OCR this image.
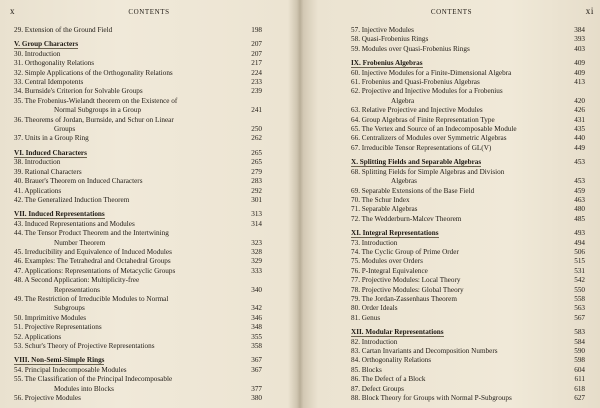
x	CONTENTS
29. Extension of the Ground Field	198
V. Group Characters	207
30. Introduction	207
31. Orthogonality Relations	217
32. Simple Applications of the Orthogonality Relations	224
33. Central Idempotents	233
34. Burnside's Criterion for Solvable Groups	239
35. The Frobenius-Wielandt theorem on the Existence of
Normal Subgroups in a Group	241
36. Theorems of Jordan, Burnside, and Schur on Linear
Groups	250
37. Units in a Group Ring	262
VI. Induced Characters	265
38. Introduction	265
39. Rational Characters	279
40. Brauer's Theorem on Induced Characters	283
41. Applications	292
42. The Generalized Induction Theorem	301
VII. Induced Representations	313
43. Induced Representations and Modules	314
44. The Tensor Product Theorem and the Intertwining
Number Theorem	323
45. Irreducibility and Equivalence of Induced Modules	328
46. Examples: The Tetrahedral and Octahedral Groups	329
47. Applications: Representations of Metacyclic Groups	333
48. A Second Application: Multiplicity-free
Representations	340
49. The Restriction of Irreducible Modules to Normal
Subgroups	342
50. Imprimitive Modules	346
51. Projective Representations	348
52. Applications	355
53. Schur's Theory of Projective Representations	358
VIII. Non-Semi-Simple Rings	367
54. Principal Indecomposable Modules	367
55. The Classification of the Principal Indecomposable
Modules into Blocks	377
56. Projective Modules	380
CONTENTS	xi
57. Injective Modules	384
58. Quasi-Frobenius Rings	393
59. Modules over Quasi-Frobenius Rings	403
IX. Frobenius Algebras	409
60. Injective Modules for a Finite-Dimensional Algebra	409
61. Frobenius and Quasi-Frobenius Algebras	413
62. Projective and Injective Modules for a Frobenius
Algebra	420
63. Relative Projective and Injective Modules	426
64. Group Algebras of Finite Representation Type	431
65. The Vertex and Source of an Indecomposable Module	435
66. Centralizers of Modules over Symmetric Algebras	440
67. Irreducible Tensor Representations of GL(V)	449
X. Splitting Fields and Separable Algebras	453
68. Splitting Fields for Simple Algebras and Division
Algebras	453
69. Separable Extensions of the Base Field	459
70. The Schur Index	463
71. Separable Algebras	480
72. The Wedderburn-Malcev Theorem	485
XI. Integral Representations	493
73. Introduction	494
74. The Cyclic Group of Prime Order	506
75. Modules over Orders	515
76. P-Integral Equivalence	531
77. Projective Modules: Local Theory	542
78. Projective Modules: Global Theory	550
79. The Jordan-Zassenhaus Theorem	558
80. Order Ideals	563
81. Genus	567
XII. Modular Representations	583
82. Introduction	584
83. Cartan Invariants and Decomposition Numbers	590
84. Orthogonality Relations	598
85. Blocks	604
86. The Defect of a Block	611
87. Defect Groups	618
88. Block Theory for Groups with Normal P-Subgroups	627
